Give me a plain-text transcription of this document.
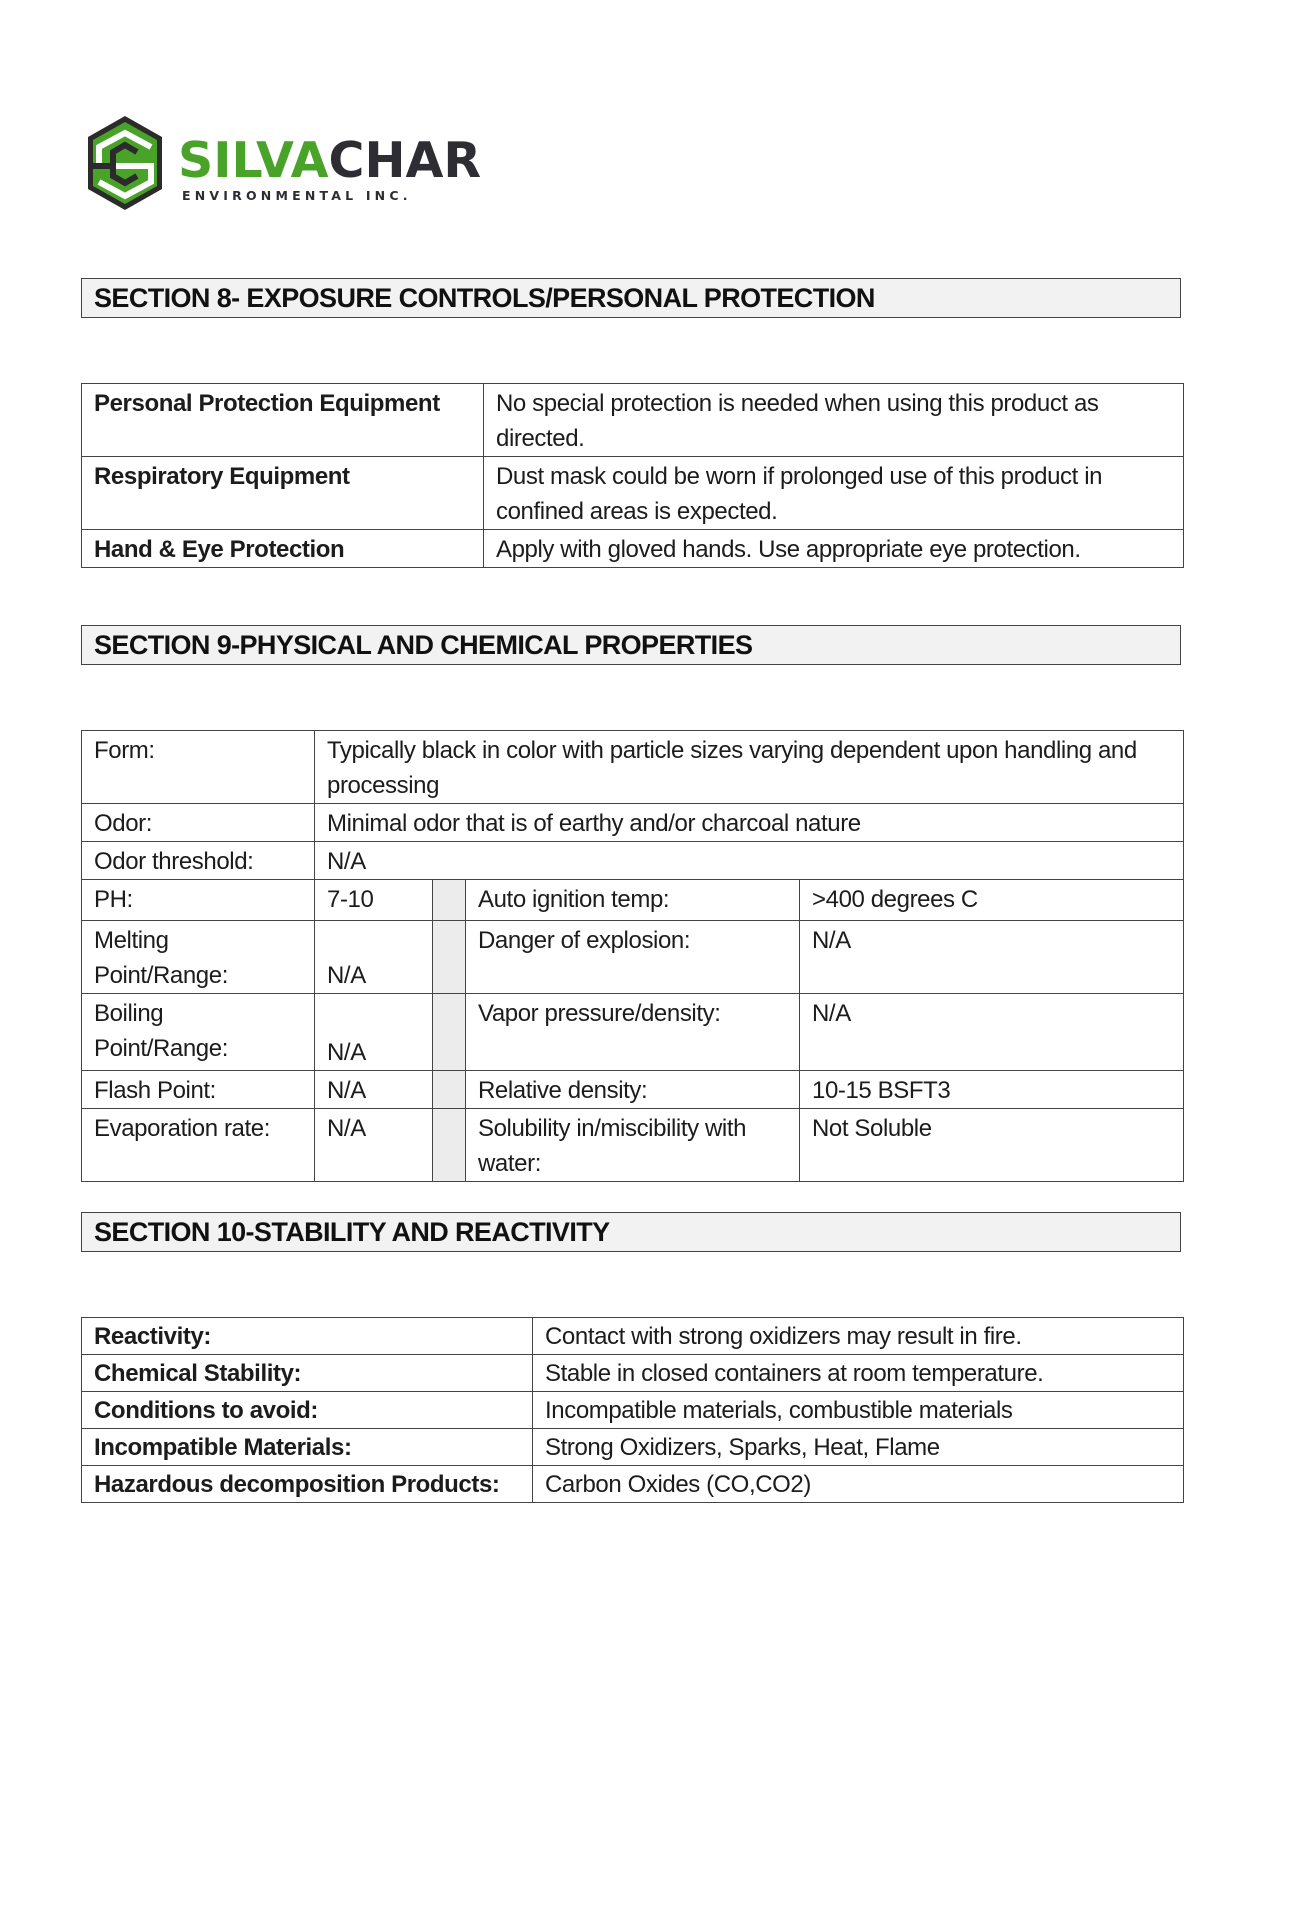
SILVACHAR
ENVIRONMENTAL INC.
SECTION 8- EXPOSURE CONTROLS/PERSONAL PROTECTION
Personal Protection Equipment	No special protection is needed when using this product as directed.
Respiratory Equipment	Dust mask could be worn if prolonged use of this product in confined areas is expected.
Hand & Eye Protection	Apply with gloved hands. Use appropriate eye protection.
SECTION 9-PHYSICAL AND CHEMICAL PROPERTIES
Form:	Typically black in color with particle sizes varying dependent upon handling and processing			
Odor:	Minimal odor that is of earthy and/or charcoal nature			
Odor threshold:	N/A			
PH:	7-10		Auto ignition temp:	>400 degrees C
Melting Point/Range:	N/A		Danger of explosion:	N/A
Boiling Point/Range:	N/A		Vapor pressure/density:	N/A
Flash Point:	N/A		Relative density:	10-15 BSFT3
Evaporation rate:	N/A		Solubility in/miscibility with water:	Not Soluble
SECTION 10-STABILITY AND REACTIVITY
Reactivity:	Contact with strong oxidizers may result in fire.
Chemical Stability:	Stable in closed containers at room temperature.
Conditions to avoid:	Incompatible materials, combustible materials
Incompatible Materials:	Strong Oxidizers, Sparks, Heat, Flame
Hazardous decomposition Products:	Carbon Oxides (CO,CO2)
